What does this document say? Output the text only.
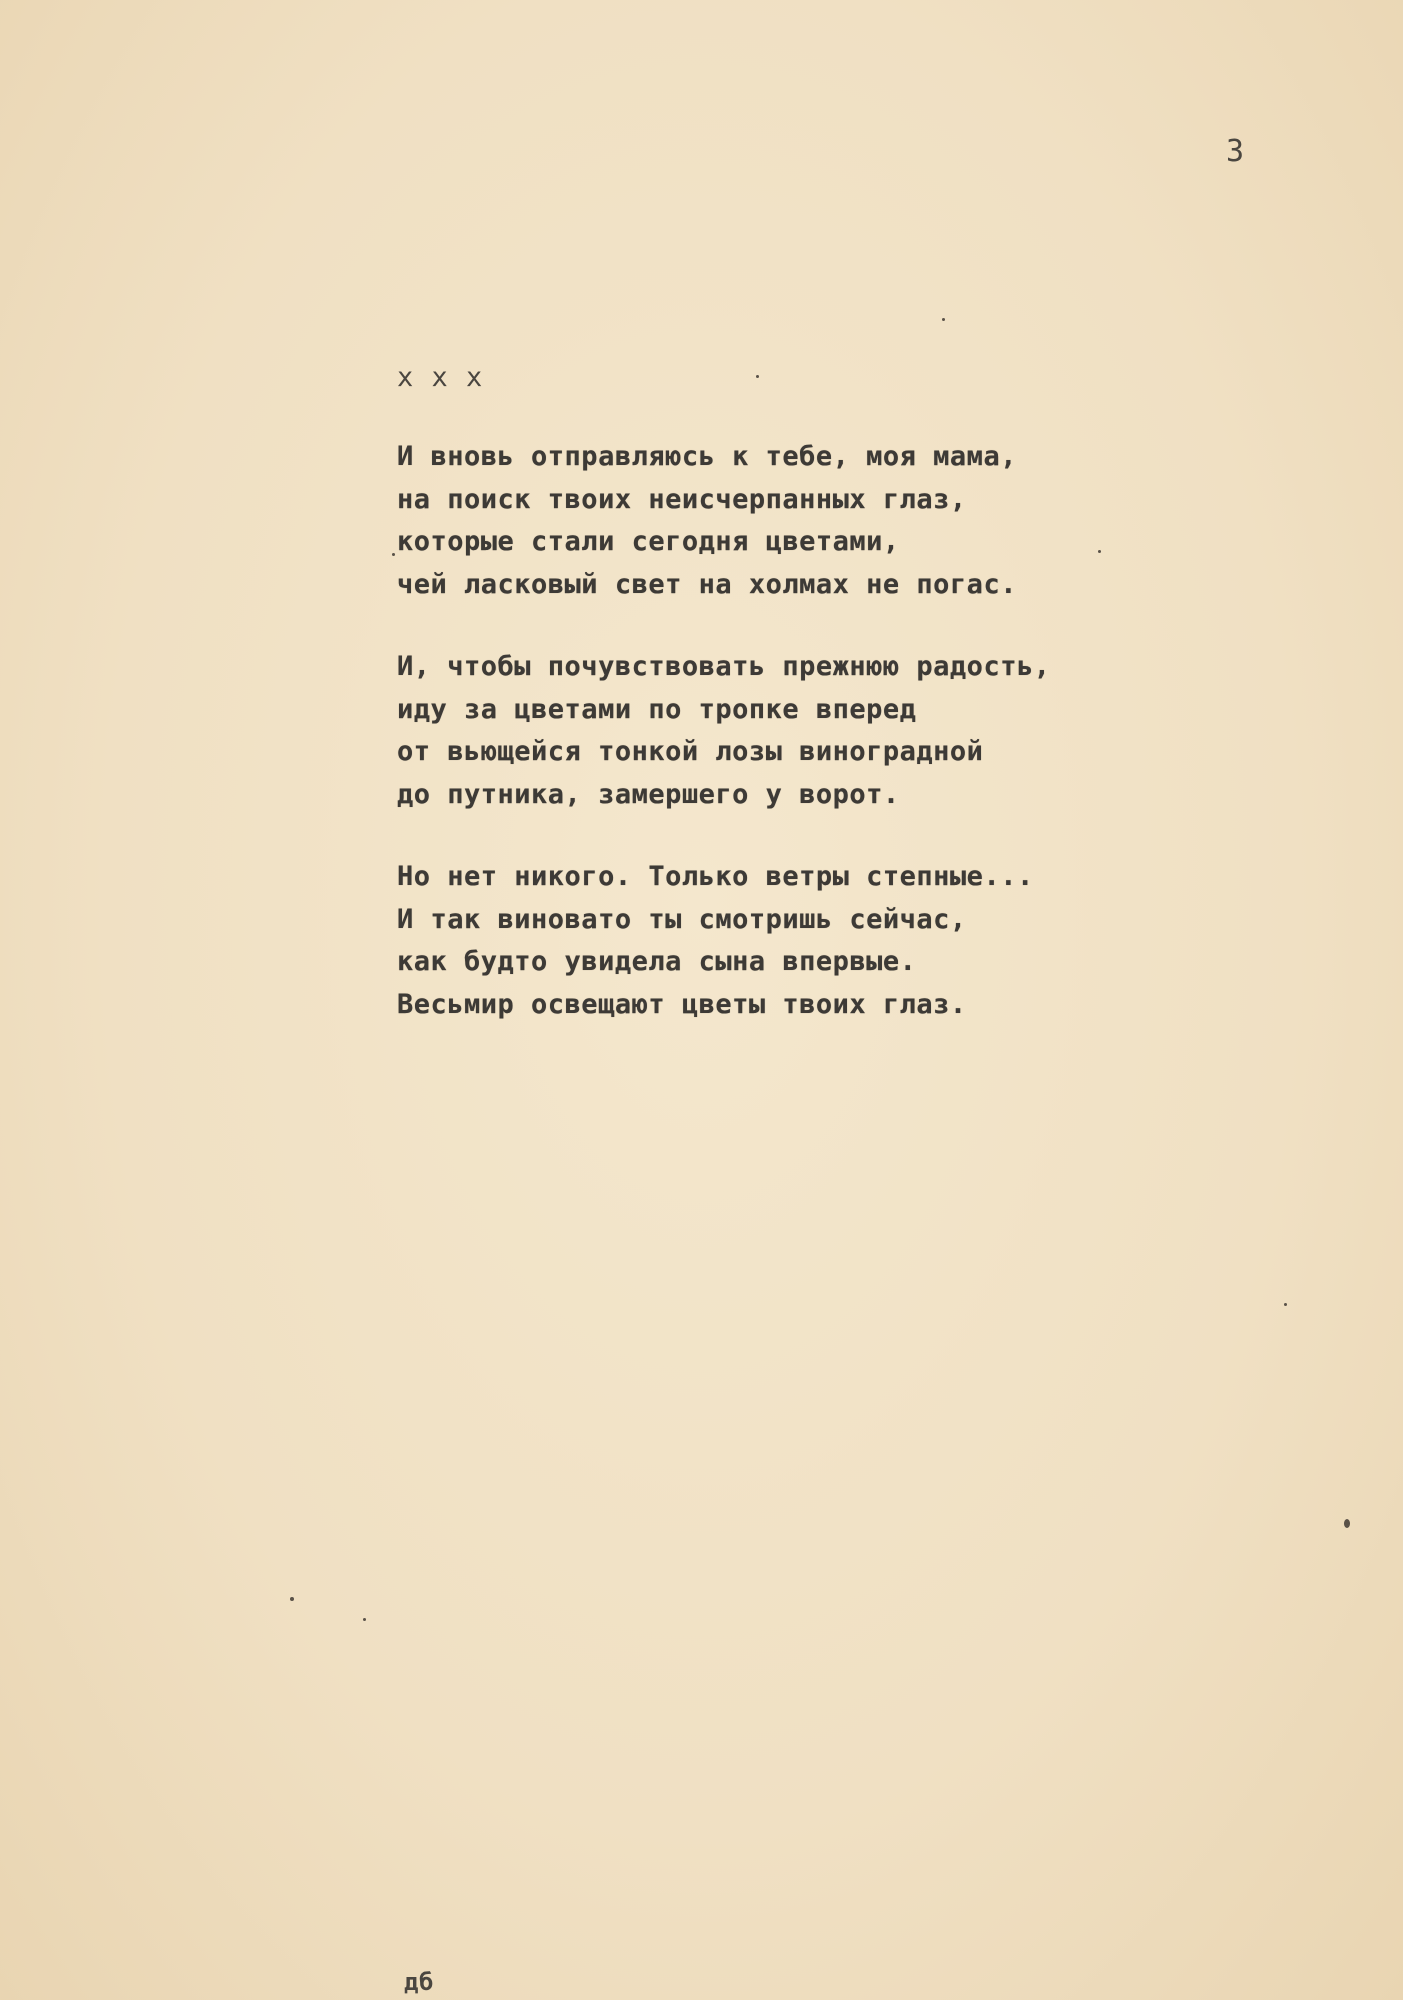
3
x x x
И вновь отправляюсь к тебе, моя мама,
на поиск твоих неисчерпанных глаз,
которые стали сегодня цветами,
чей ласковый свет на холмах не погас.
И, чтобы почувствовать прежнюю радость,
иду за цветами по тропке вперед
от вьющейся тонкой лозы виноградной
до путника, замершего у ворот.
Но нет никого. Только ветры степные...
И так виновато ты смотришь сейчас,
как будто увидела сына впервые.
Весьмир освещают цветы твоих глаз.
дб
